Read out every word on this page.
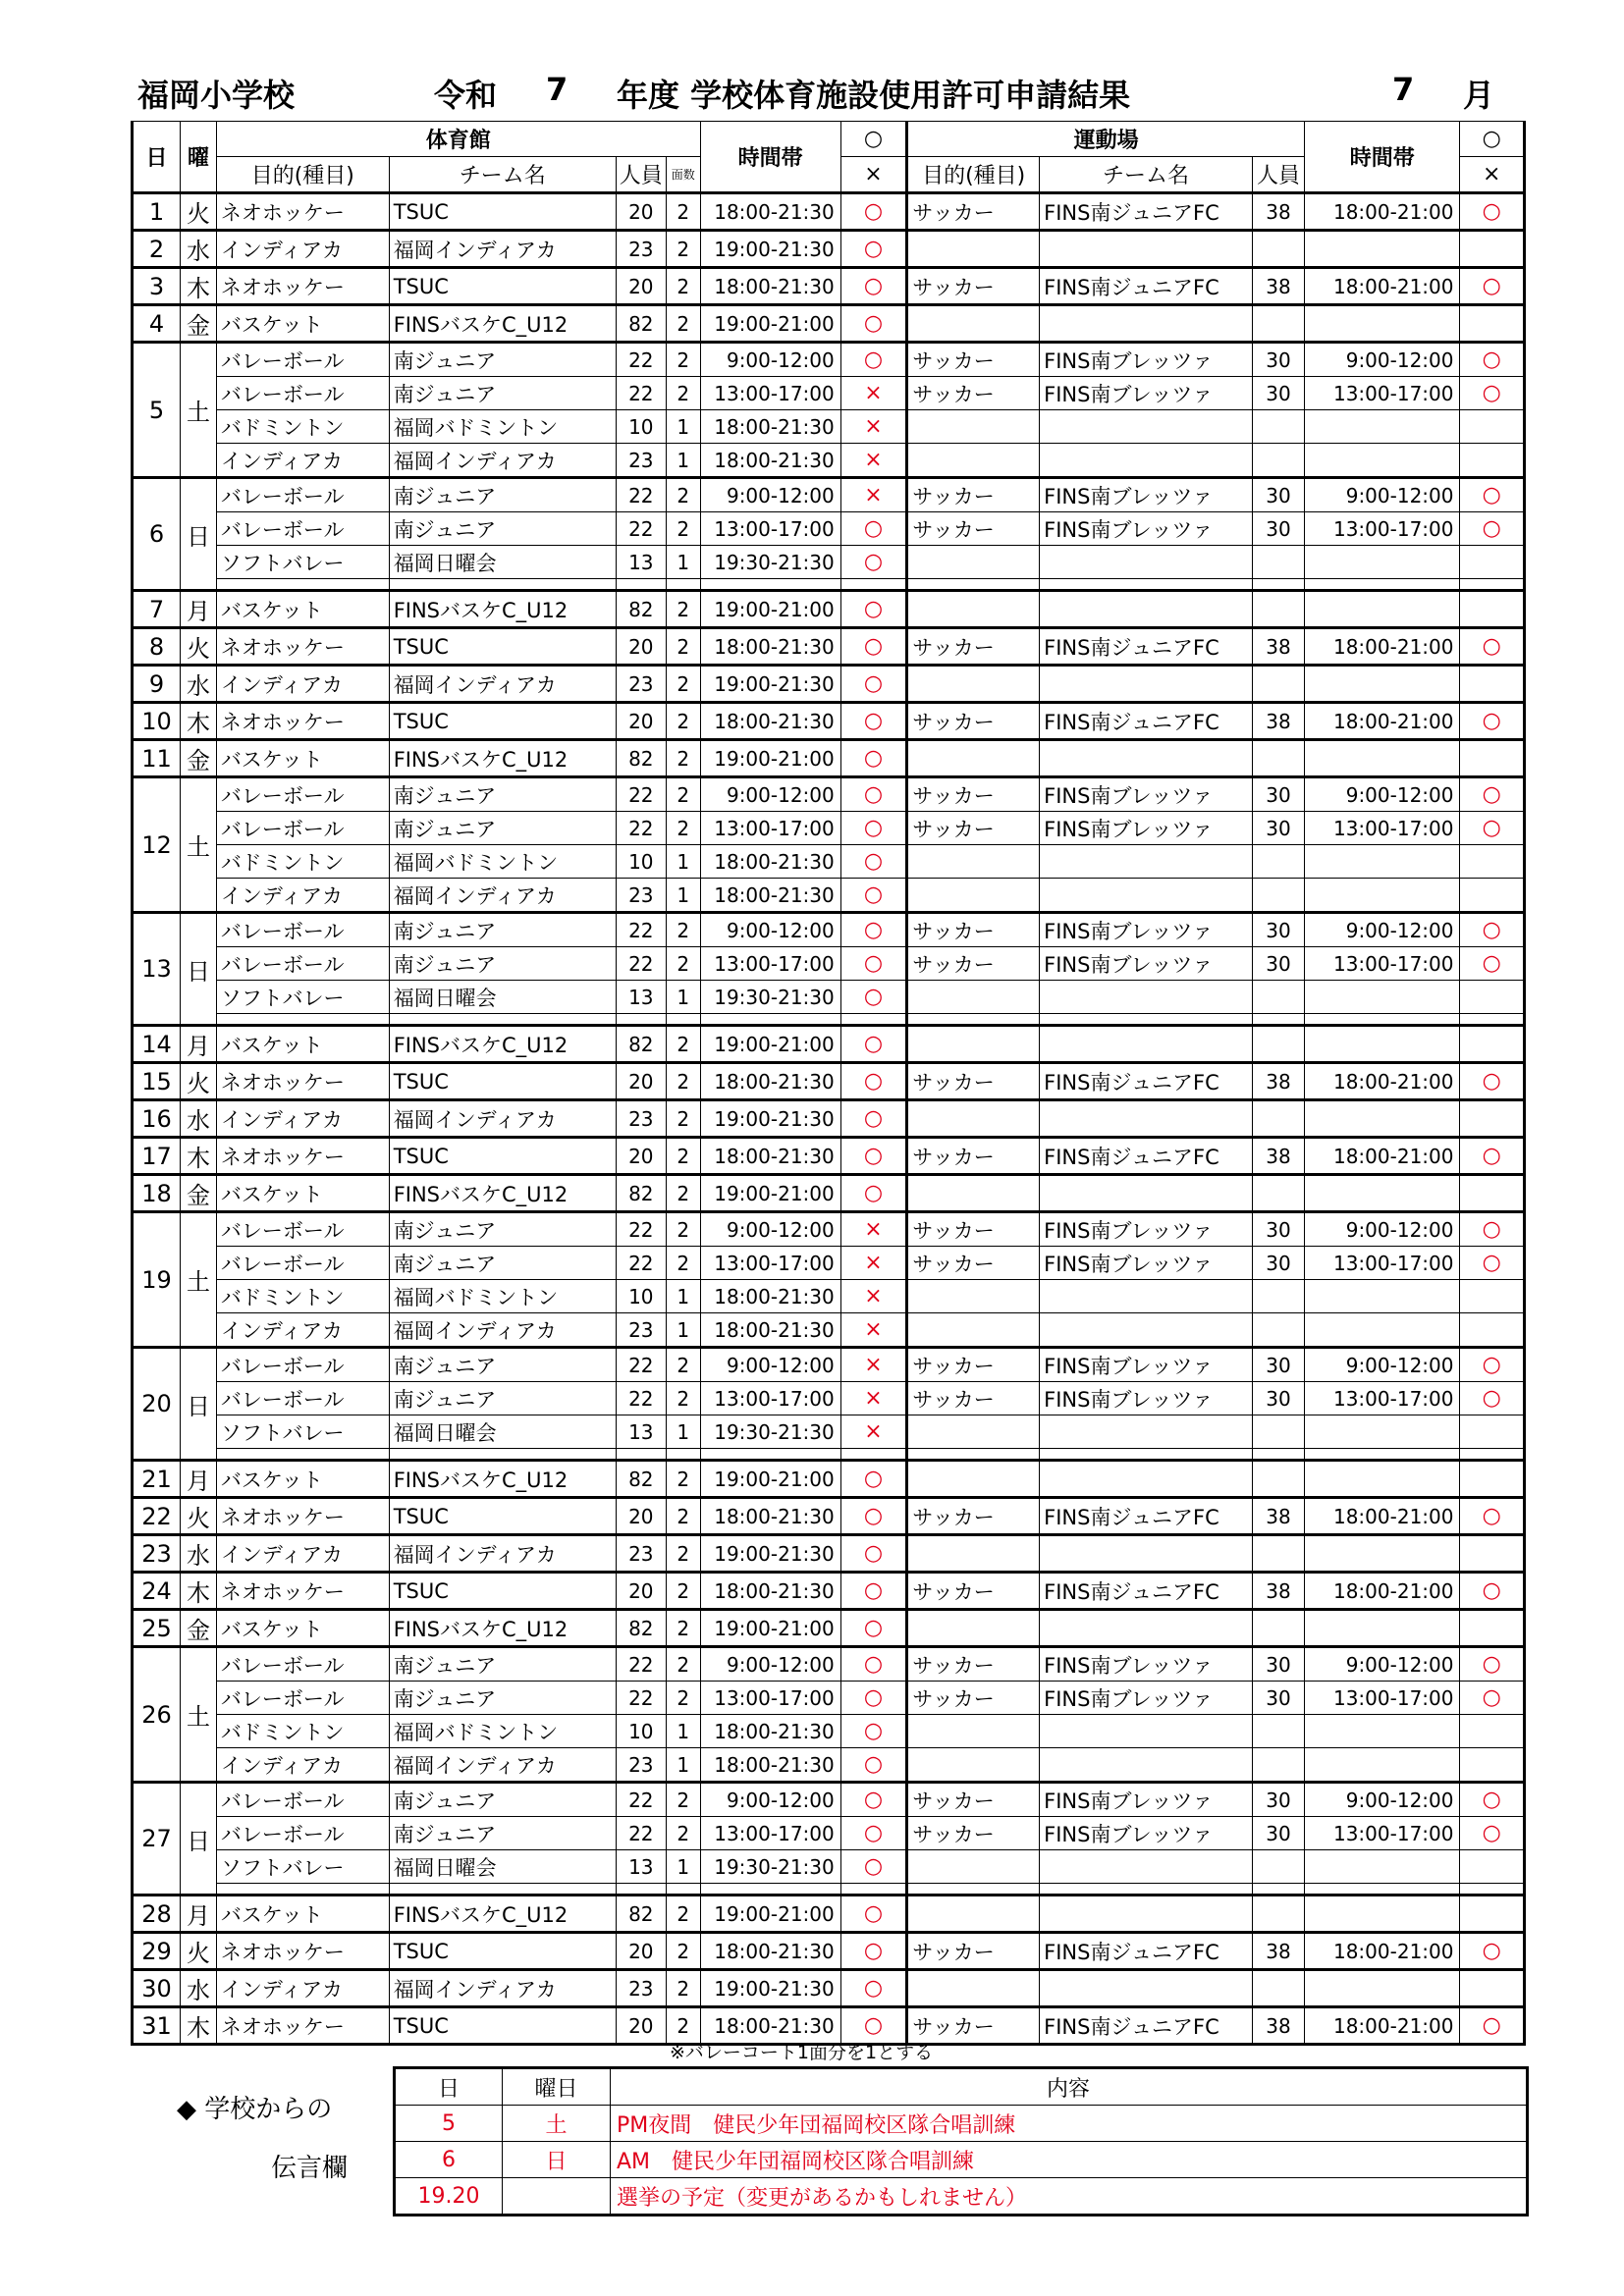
福岡小学校	令和 7 年度 学校体育施設使用許可申請結果	7 月
日	曜	体育館				時間帯	○	運動場			時間帯	○
		目的(種目)	チーム名	人員	面数		×	目的(種目)	チーム名	人員		×
1	火	ネオホッケー	TSUC	20	2	18:00-21:30	○	サッカー	FINS南ジュニアFC	38	18:00-21:00	○
2	水	インディアカ	福岡インディアカ	23	2	19:00-21:30	○					
3	木	ネオホッケー	TSUC	20	2	18:00-21:30	○	サッカー	FINS南ジュニアFC	38	18:00-21:00	○
4	金	バスケット	FINSバスケC_U12	82	2	19:00-21:00	○					
5	土	バレーボール	南ジュニア	22	2	9:00-12:00	○	サッカー	FINS南ブレッツァ	30	9:00-12:00	○
		バレーボール	南ジュニア	22	2	13:00-17:00	×	サッカー	FINS南ブレッツァ	30	13:00-17:00	○
		バドミントン	福岡バドミントン	10	1	18:00-21:30	×					
		インディアカ	福岡インディアカ	23	1	18:00-21:30	×					
6	日	バレーボール	南ジュニア	22	2	9:00-12:00	×	サッカー	FINS南ブレッツァ	30	9:00-12:00	○
		バレーボール	南ジュニア	22	2	13:00-17:00	○	サッカー	FINS南ブレッツァ	30	13:00-17:00	○
		ソフトバレー	福岡日曜会	13	1	19:30-21:30	○					

7	月	バスケット	FINSバスケC_U12	82	2	19:00-21:00	○					
8	火	ネオホッケー	TSUC	20	2	18:00-21:30	○	サッカー	FINS南ジュニアFC	38	18:00-21:00	○
9	水	インディアカ	福岡インディアカ	23	2	19:00-21:30	○					
10	木	ネオホッケー	TSUC	20	2	18:00-21:30	○	サッカー	FINS南ジュニアFC	38	18:00-21:00	○
11	金	バスケット	FINSバスケC_U12	82	2	19:00-21:00	○					
12	土	バレーボール	南ジュニア	22	2	9:00-12:00	○	サッカー	FINS南ブレッツァ	30	9:00-12:00	○
		バレーボール	南ジュニア	22	2	13:00-17:00	○	サッカー	FINS南ブレッツァ	30	13:00-17:00	○
		バドミントン	福岡バドミントン	10	1	18:00-21:30	○					
		インディアカ	福岡インディアカ	23	1	18:00-21:30	○					
13	日	バレーボール	南ジュニア	22	2	9:00-12:00	○	サッカー	FINS南ブレッツァ	30	9:00-12:00	○
		バレーボール	南ジュニア	22	2	13:00-17:00	○	サッカー	FINS南ブレッツァ	30	13:00-17:00	○
		ソフトバレー	福岡日曜会	13	1	19:30-21:30	○					

14	月	バスケット	FINSバスケC_U12	82	2	19:00-21:00	○					
15	火	ネオホッケー	TSUC	20	2	18:00-21:30	○	サッカー	FINS南ジュニアFC	38	18:00-21:00	○
16	水	インディアカ	福岡インディアカ	23	2	19:00-21:30	○					
17	木	ネオホッケー	TSUC	20	2	18:00-21:30	○	サッカー	FINS南ジュニアFC	38	18:00-21:00	○
18	金	バスケット	FINSバスケC_U12	82	2	19:00-21:00	○					
19	土	バレーボール	南ジュニア	22	2	9:00-12:00	×	サッカー	FINS南ブレッツァ	30	9:00-12:00	○
		バレーボール	南ジュニア	22	2	13:00-17:00	×	サッカー	FINS南ブレッツァ	30	13:00-17:00	○
		バドミントン	福岡バドミントン	10	1	18:00-21:30	×					
		インディアカ	福岡インディアカ	23	1	18:00-21:30	×					
20	日	バレーボール	南ジュニア	22	2	9:00-12:00	×	サッカー	FINS南ブレッツァ	30	9:00-12:00	○
		バレーボール	南ジュニア	22	2	13:00-17:00	×	サッカー	FINS南ブレッツァ	30	13:00-17:00	○
		ソフトバレー	福岡日曜会	13	1	19:30-21:30	×					

21	月	バスケット	FINSバスケC_U12	82	2	19:00-21:00	○					
22	火	ネオホッケー	TSUC	20	2	18:00-21:30	○	サッカー	FINS南ジュニアFC	38	18:00-21:00	○
23	水	インディアカ	福岡インディアカ	23	2	19:00-21:30	○					
24	木	ネオホッケー	TSUC	20	2	18:00-21:30	○	サッカー	FINS南ジュニアFC	38	18:00-21:00	○
25	金	バスケット	FINSバスケC_U12	82	2	19:00-21:00	○					
26	土	バレーボール	南ジュニア	22	2	9:00-12:00	○	サッカー	FINS南ブレッツァ	30	9:00-12:00	○
		バレーボール	南ジュニア	22	2	13:00-17:00	○	サッカー	FINS南ブレッツァ	30	13:00-17:00	○
		バドミントン	福岡バドミントン	10	1	18:00-21:30	○					
		インディアカ	福岡インディアカ	23	1	18:00-21:30	○					
27	日	バレーボール	南ジュニア	22	2	9:00-12:00	○	サッカー	FINS南ブレッツァ	30	9:00-12:00	○
		バレーボール	南ジュニア	22	2	13:00-17:00	○	サッカー	FINS南ブレッツァ	30	13:00-17:00	○
		ソフトバレー	福岡日曜会	13	1	19:30-21:30	○					

28	月	バスケット	FINSバスケC_U12	82	2	19:00-21:00	○					
29	火	ネオホッケー	TSUC	20	2	18:00-21:30	○	サッカー	FINS南ジュニアFC	38	18:00-21:00	○
30	水	インディアカ	福岡インディアカ	23	2	19:00-21:30	○					
31	木	ネオホッケー	TSUC	20	2	18:00-21:30	○	サッカー	FINS南ジュニアFC	38	18:00-21:00	○
※バレーコート1面分を1とする
◆ 学校からの
伝言欄
日	曜日	内容
5	土	PM夜間　健民少年団福岡校区隊合唱訓練
6	日	AM　健民少年団福岡校区隊合唱訓練
19.20		選挙の予定（変更があるかもしれません）
